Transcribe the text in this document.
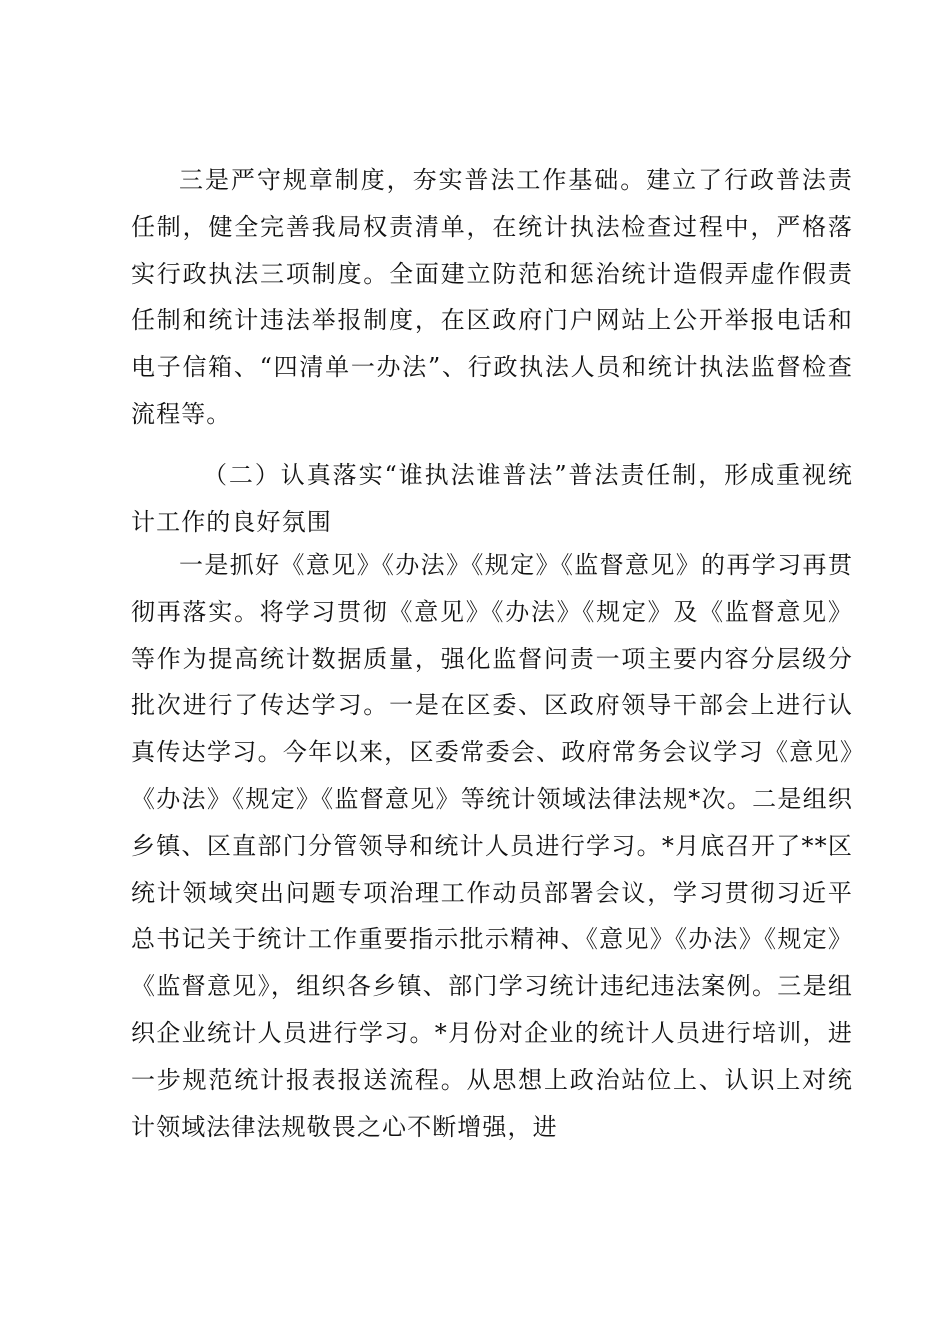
三是严守规章制度，夯实普法工作基础。建立了行政普法责任制，健全完善我局权责清单，在统计执法检查过程中，严格落实行政执法三项制度。全面建立防范和惩治统计造假弄虚作假责任制和统计违法举报制度，在区政府门户网站上公开举报电话和电子信箱、“四清单一办法”、行政执法人员和统计执法监督检查流程等。

（二）认真落实“谁执法谁普法”普法责任制，形成重视统计工作的良好氛围

一是抓好《意见》《办法》《规定》《监督意见》的再学习再贯彻再落实。将学习贯彻《意见》《办法》《规定》及《监督意见》等作为提高统计数据质量，强化监督问责一项主要内容分层级分批次进行了传达学习。一是在区委、区政府领导干部会上进行认真传达学习。今年以来，区委常委会、政府常务会议学习《意见》《办法》《规定》《监督意见》等统计领域法律法规*次。二是组织乡镇、区直部门分管领导和统计人员进行学习。*月底召开了**区统计领域突出问题专项治理工作动员部署会议，学习贯彻习近平总书记关于统计工作重要指示批示精神、《意见》《办法》《规定》《监督意见》，组织各乡镇、部门学习统计违纪违法案例。三是组织企业统计人员进行学习。*月份对企业的统计人员进行培训，进一步规范统计报表报送流程。从思想上政治站位上、认识上对统计领域法律法规敬畏之心不断增强，进
